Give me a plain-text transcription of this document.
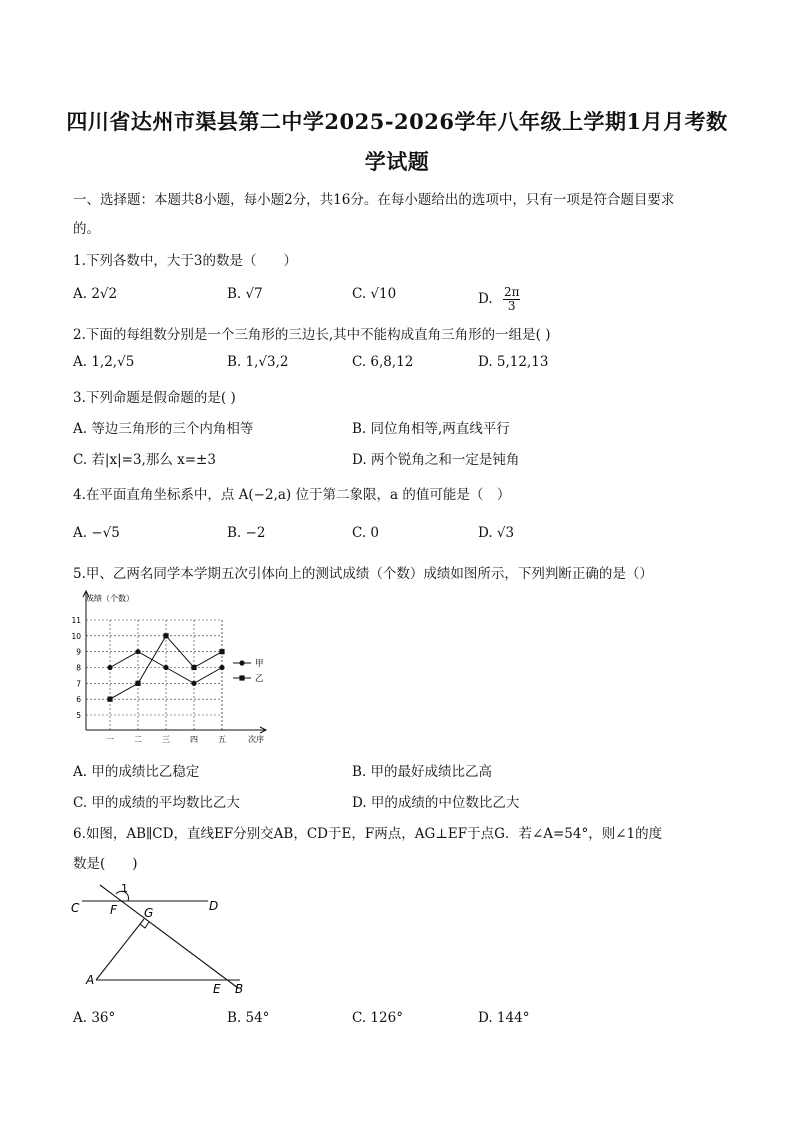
四川省达州市渠县第二中学2025-2026学年八年级上学期1月月考数
学试题
一、选择题：本题共8小题，每小题2分，共16分。在每小题给出的选项中，只有一项是符合题目要求
的。
1.下列各数中，大于3的数是（　　）
A. 2√2	B. √7	C. √10	D. $\frac{2\pi}{3}$
2.下面的每组数分别是一个三角形的三边长,其中不能构成直角三角形的一组是( )
A. 1,2,√5	B. 1,√3,2	C. 6,8,12	D. 5,12,13
3.下列命题是假命题的是( )
A. 等边三角形的三个内角相等	B. 同位角相等,两直线平行
C. 若|x|=3,那么 x=±3	D. 两个锐角之和一定是钝角
4.在平面直角坐标系中，点 A(−2,a) 位于第二象限，a 的值可能是（　）
A. −√5	B. −2	C. 0	D. √3
5.甲、乙两名同学本学期五次引体向上的测试成绩（个数）成绩如图所示，下列判断正确的是（）
5
6
7
8
9
10
11
一	二	三	四	五
甲
乙
成绩（个数）
次序
A. 甲的成绩比乙稳定	B. 甲的最好成绩比乙高
C. 甲的成绩的平均数比乙大	D. 甲的成绩的中位数比乙大
6.如图，AB∥CD，直线EF分别交AB，CD于E，F两点，AG⊥EF于点G．若∠A=54°，则∠1的度
数是(　　)
1
C	F G	D
A
E B
A. 36°	B. 54°	C. 126°	D. 144°
